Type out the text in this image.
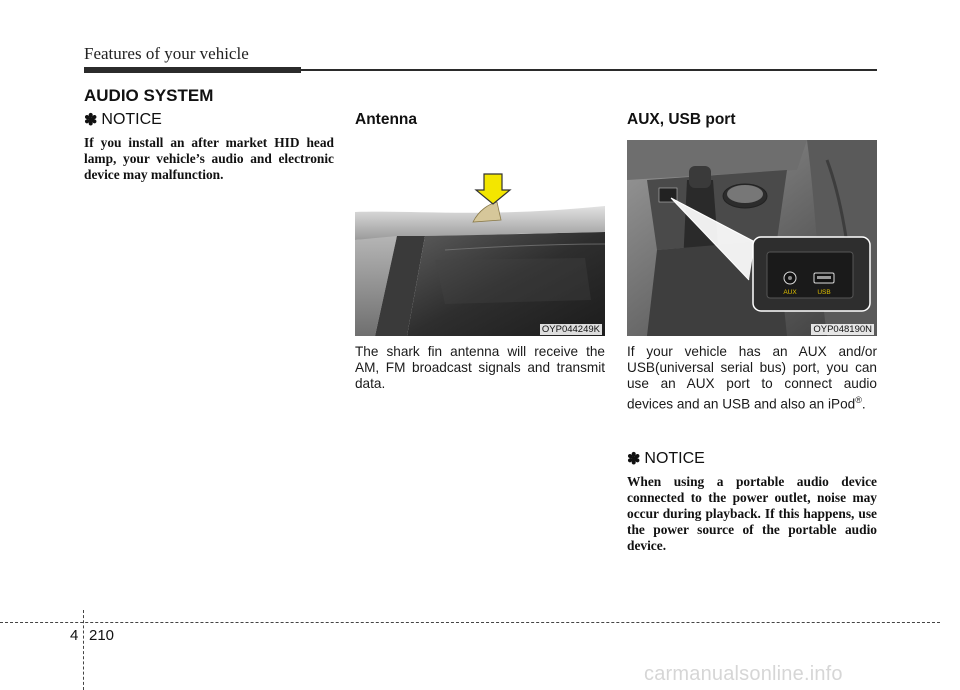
Features of your vehicle
AUDIO SYSTEM
✽ NOTICE
If you install an after market HID head lamp, your vehicle’s audio and electronic device may malfunction.
Antenna
OYP044249K
The shark fin antenna will receive the AM, FM broadcast signals and transmit data.
AUX, USB port
AUX	USB
OYP048190N
If your vehicle has an AUX and/or USB(universal serial bus) port, you can use an AUX port to connect audio devices and an USB and also an iPod®.
✽ NOTICE
When using a portable audio device connected to the power outlet, noise may occur during playback. If this happens, use the power source of the portable audio device.
4 210
carmanualsonline.info
